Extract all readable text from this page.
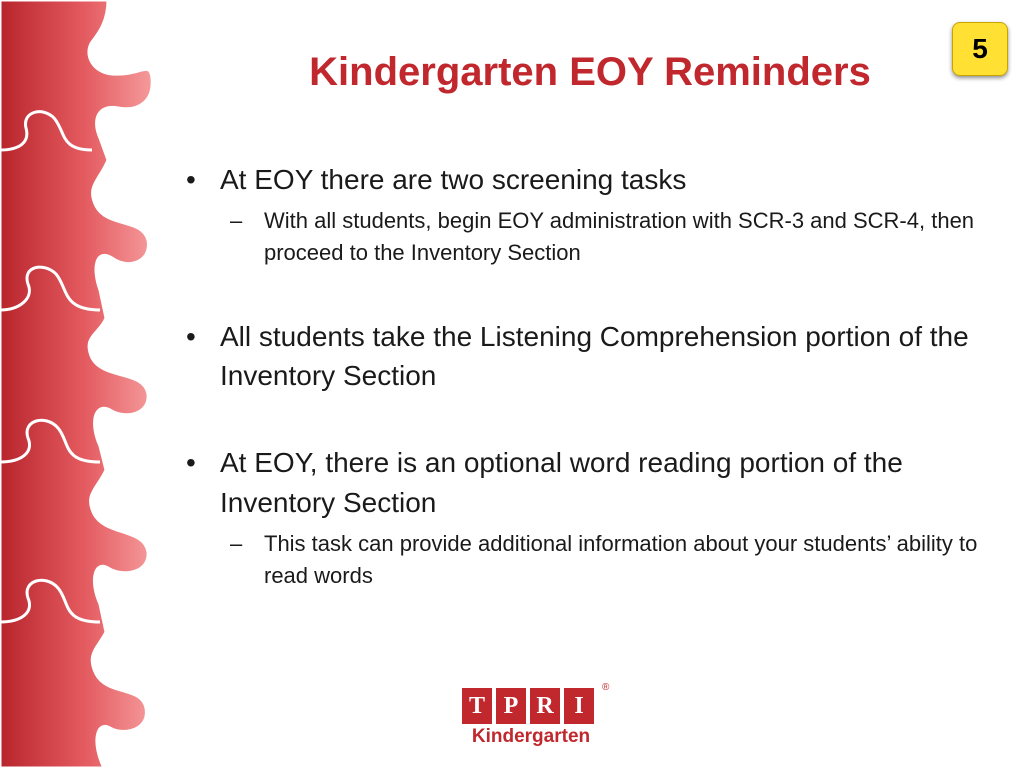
Kindergarten EOY Reminders
5
• At EOY there are two screening tasks
– With all students, begin EOY administration with SCR-3 and SCR-4, then proceed to the Inventory Section
• All students take the Listening Comprehension portion of the Inventory Section
• At EOY, there is an optional word reading portion of the Inventory Section
– This task can provide additional information about your students’ ability to read words
T P R I
®
Kindergarten
